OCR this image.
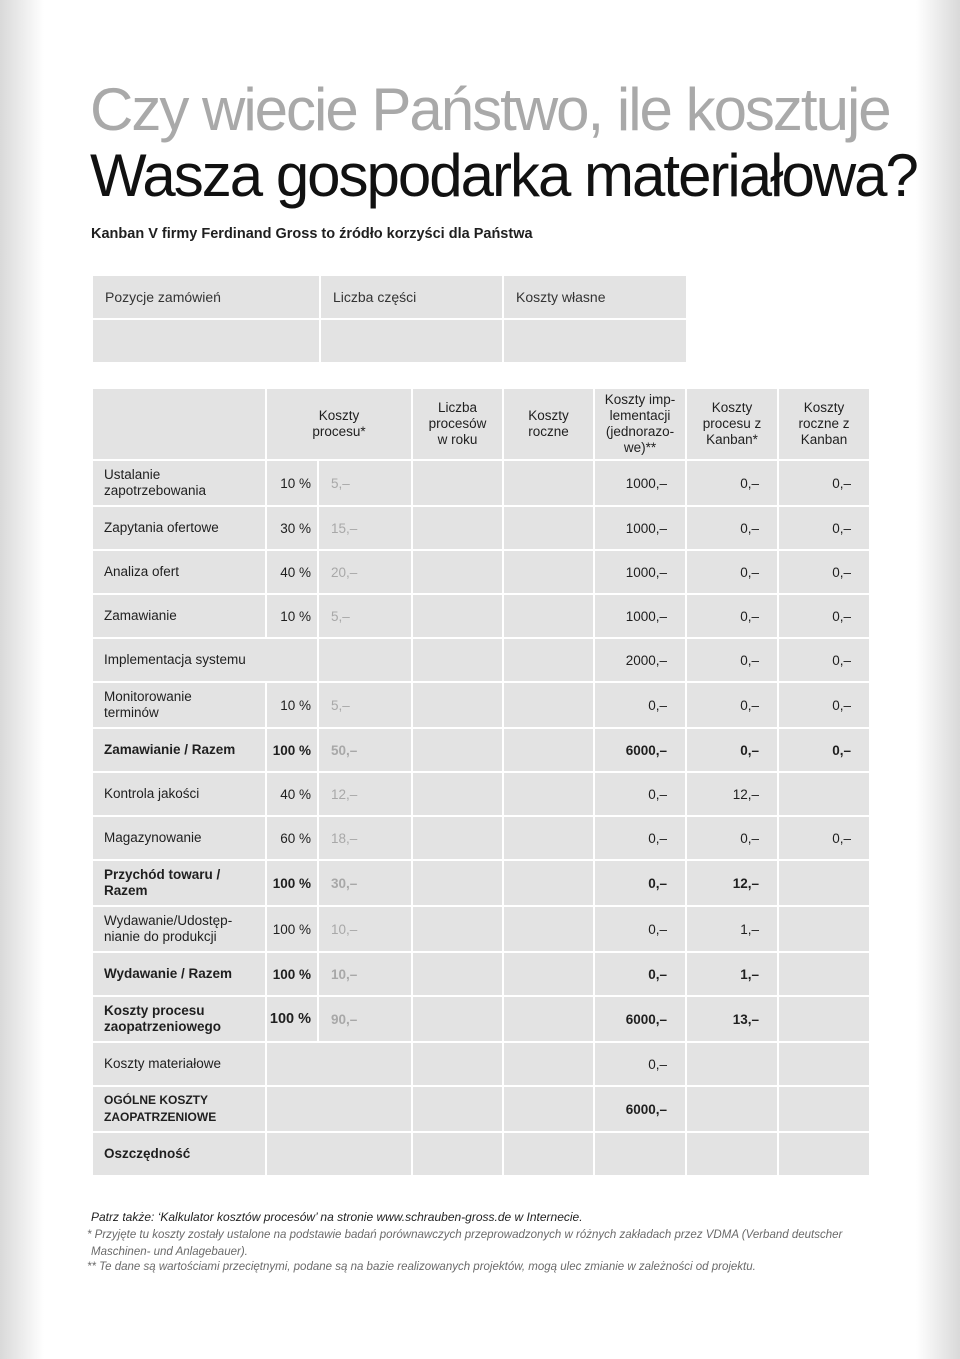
Czy wiecie Państwo, ile kosztuje
Wasza gospodarka materiałowa?
Kanban V firmy Ferdinand Gross to źródło korzyści dla Państwa
Pozycje zamówień	Liczba części	Koszty własne

	Koszty
procesu*		Liczba
procesów
w roku	Koszty
roczne	Koszty imp-
lementacji
(jednorazo-
we)**	Koszty
procesu z
Kanban*	Koszty
roczne z
Kanban
Ustalanie
zapotrzebowania	10 %	5,–			1000,–	0,–	0,–
Zapytania ofertowe	30 %	15,–			1000,–	0,–	0,–
Analiza ofert	40 %	20,–			1000,–	0,–	0,–
Zamawianie	10 %	5,–			1000,–	0,–	0,–
Implementacja systemu					2000,–	0,–	0,–
Monitorowanie
terminów	10 %	5,–			0,–	0,–	0,–
Zamawianie / Razem	100 %	50,–			6000,–	0,–	0,–
Kontrola jakości	40 %	12,–			0,–	12,–	
Magazynowanie	60 %	18,–			0,–	0,–	0,–
Przychód towaru /
Razem	100 %	30,–			0,–	12,–	
Wydawanie/Udostęp-
nianie do produkcji	100 %	10,–			0,–	1,–	
Wydawanie / Razem	100 %	10,–			0,–	1,–	
Koszty procesu
zaopatrzeniowego	100 %	90,–			6000,–	13,–	
Koszty materiałowe					0,–		
OGÓLNE KOSZTY
ZAOPATRZENIOWE					6000,–		
Oszczędność							
Patrz także: ‘Kalkulator kosztów procesów’ na stronie www.schrauben-gross.de w Internecie.
* Przyjęte tu koszty zostały ustalone na podstawie badań porównawczych przeprowadzonych w różnych zakładach przez VDMA (Verband deutscher
Maschinen- und Anlagebauer).
** Te dane są wartościami przeciętnymi, podane są na bazie realizowanych projektów, mogą ulec zmianie w zależności od projektu.
